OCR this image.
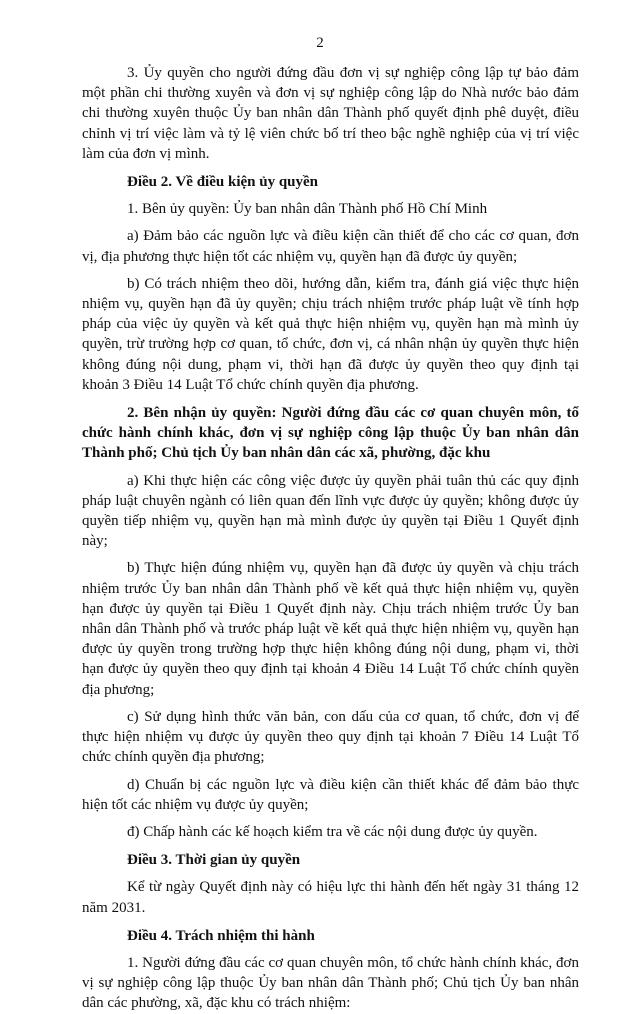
2

3. Ủy quyền cho người đứng đầu đơn vị sự nghiệp công lập tự bảo đảm một phần chi thường xuyên và đơn vị sự nghiệp công lập do Nhà nước bảo đảm chi thường xuyên thuộc Ủy ban nhân dân Thành phố quyết định phê duyệt, điều chỉnh vị trí việc làm và tỷ lệ viên chức bố trí theo bậc nghề nghiệp của vị trí việc làm của đơn vị mình.

Điều 2. Về điều kiện ủy quyền

1. Bên ủy quyền: Ủy ban nhân dân Thành phố Hồ Chí Minh

a) Đảm bảo các nguồn lực và điều kiện cần thiết để cho các cơ quan, đơn vị, địa phương thực hiện tốt các nhiệm vụ, quyền hạn đã được ủy quyền;

b) Có trách nhiệm theo dõi, hướng dẫn, kiểm tra, đánh giá việc thực hiện nhiệm vụ, quyền hạn đã ủy quyền; chịu trách nhiệm trước pháp luật về tính hợp pháp của việc ủy quyền và kết quả thực hiện nhiệm vụ, quyền hạn mà mình ủy quyền, trừ trường hợp cơ quan, tổ chức, đơn vị, cá nhân nhận ủy quyền thực hiện không đúng nội dung, phạm vi, thời hạn đã được ủy quyền theo quy định tại khoản 3 Điều 14 Luật Tổ chức chính quyền địa phương.

2. Bên nhận ủy quyền: Người đứng đầu các cơ quan chuyên môn, tổ chức hành chính khác, đơn vị sự nghiệp công lập thuộc Ủy ban nhân dân Thành phố; Chủ tịch Ủy ban nhân dân các xã, phường, đặc khu

a) Khi thực hiện các công việc được ủy quyền phải tuân thủ các quy định pháp luật chuyên ngành có liên quan đến lĩnh vực được ủy quyền; không được ủy quyền tiếp nhiệm vụ, quyền hạn mà mình được ủy quyền tại Điều 1 Quyết định này;

b) Thực hiện đúng nhiệm vụ, quyền hạn đã được ủy quyền và chịu trách nhiệm trước Ủy ban nhân dân Thành phố về kết quả thực hiện nhiệm vụ, quyền hạn được ủy quyền tại Điều 1 Quyết định này. Chịu trách nhiệm trước Ủy ban nhân dân Thành phố và trước pháp luật về kết quả thực hiện nhiệm vụ, quyền hạn được ủy quyền trong trường hợp thực hiện không đúng nội dung, phạm vi, thời hạn được ủy quyền theo quy định tại khoản 4 Điều 14 Luật Tổ chức chính quyền địa phương;

c) Sử dụng hình thức văn bản, con dấu của cơ quan, tổ chức, đơn vị để thực hiện nhiệm vụ được ủy quyền theo quy định tại khoản 7 Điều 14 Luật Tổ chức chính quyền địa phương;

d) Chuẩn bị các nguồn lực và điều kiện cần thiết khác để đảm bảo thực hiện tốt các nhiệm vụ được ủy quyền;

đ) Chấp hành các kế hoạch kiểm tra về các nội dung được ủy quyền.

Điều 3. Thời gian ủy quyền

Kể từ ngày Quyết định này có hiệu lực thi hành đến hết ngày 31 tháng 12 năm 2031.

Điều 4. Trách nhiệm thi hành

1. Người đứng đầu các cơ quan chuyên môn, tổ chức hành chính khác, đơn vị sự nghiệp công lập thuộc Ủy ban nhân dân Thành phố; Chủ tịch Ủy ban nhân dân các phường, xã, đặc khu có trách nhiệm:
